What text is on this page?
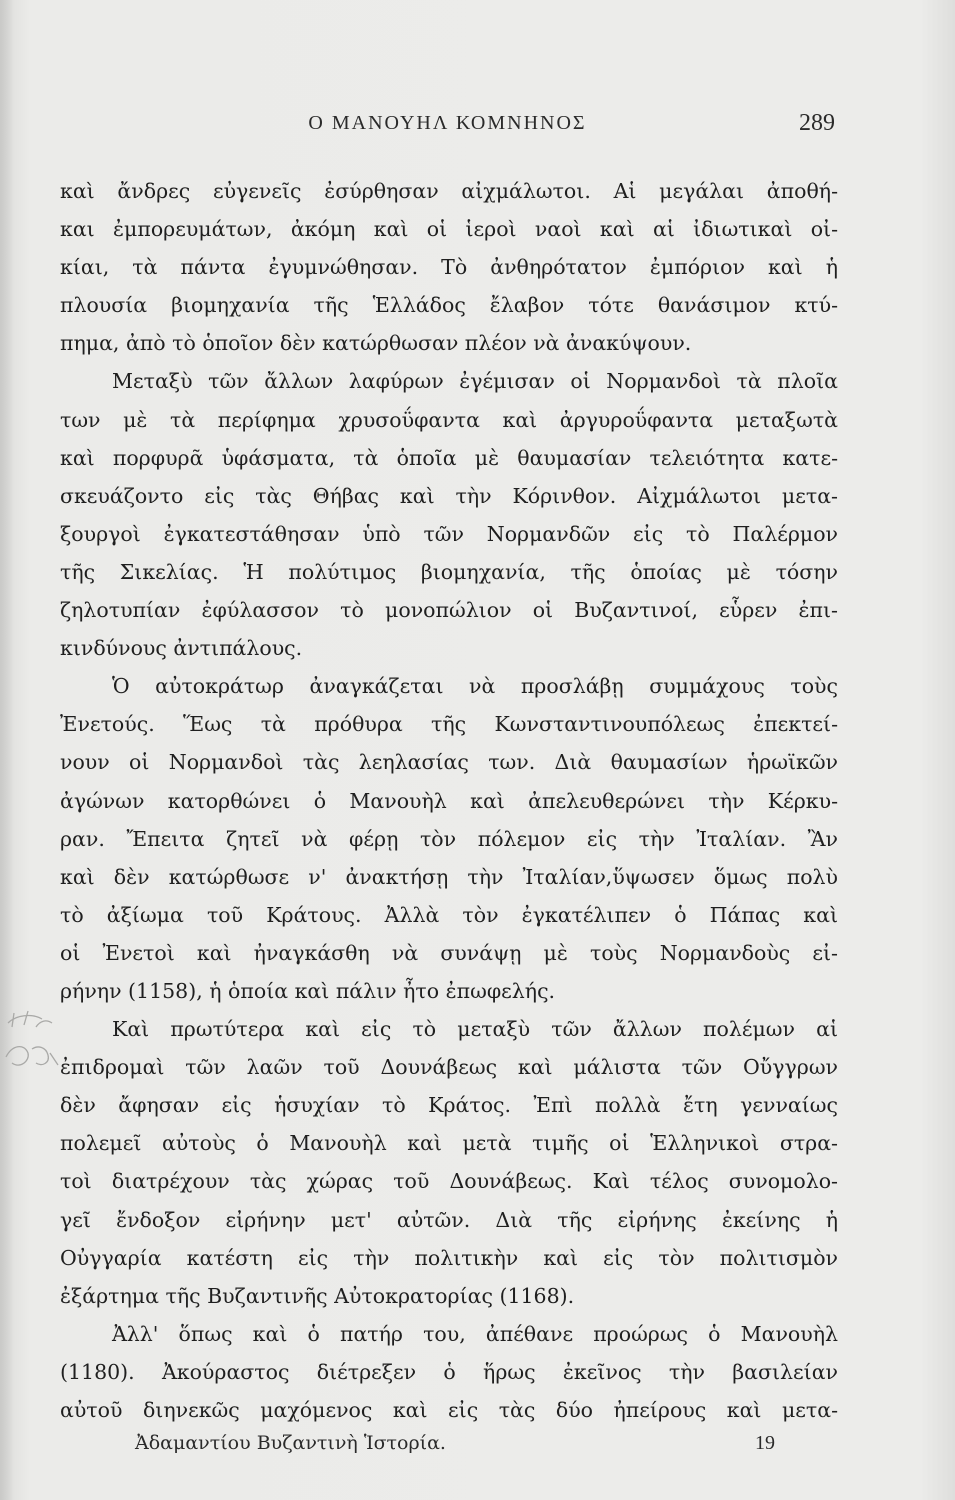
Ο ΜΑΝΟΥΗΛ ΚΟΜΝΗΝΟΣ	289
καὶ ἄνδρες εὐγενεῖς ἐσύρθησαν αἰχμάλωτοι. Αἱ μεγάλαι ἀποθή-
και ἐμπορευμάτων, ἀκόμη καὶ οἱ ἱεροὶ ναοὶ καὶ αἱ ἰδιωτικαὶ οἰ-
κίαι, τὰ πάντα ἐγυμνώθησαν. Τὸ ἀνθηρότατον ἐμπόριον καὶ ἡ
πλουσία βιομηχανία τῆς Ἑλλάδος ἔλαβον τότε θανάσιμον κτύ-
πημα, ἀπὸ τὸ ὁποῖον δὲν κατώρθωσαν πλέον νὰ ἀνακύψουν.
Μεταξὺ τῶν ἄλλων λαφύρων ἐγέμισαν οἱ Νορμανδοὶ τὰ πλοῖα
των μὲ τὰ περίφημα χρυσοΰφαντα καὶ ἀργυροΰφαντα μεταξωτὰ
καὶ πορφυρᾶ ὑφάσματα, τὰ ὁποῖα μὲ θαυμασίαν τελειότητα κατε-
σκευάζοντο εἰς τὰς Θήβας καὶ τὴν Κόρινθον. Αἰχμάλωτοι μετα-
ξουργοὶ ἐγκατεστάθησαν ὑπὸ τῶν Νορμανδῶν εἰς τὸ Παλέρμον
τῆς Σικελίας. Ἡ πολύτιμος βιομηχανία, τῆς ὁποίας μὲ τόσην
ζηλοτυπίαν ἐφύλασσον τὸ μονοπώλιον οἱ Βυζαντινοί, εὗρεν ἐπι-
κινδύνους ἀντιπάλους.
Ὁ αὐτοκράτωρ ἀναγκάζεται νὰ προσλάβῃ συμμάχους τοὺς
Ἐνετούς. Ἕως τὰ πρόθυρα τῆς Κωνσταντινουπόλεως ἐπεκτεί-
νουν οἱ Νορμανδοὶ τὰς λεηλασίας των. Διὰ θαυμασίων ἡρωϊκῶν
ἀγώνων κατορθώνει ὁ Μανουὴλ καὶ ἀπελευθερώνει τὴν Κέρκυ-
ραν. Ἔπειτα ζητεῖ νὰ φέρῃ τὸν πόλεμον εἰς τὴν Ἰταλίαν. Ἂν
καὶ δὲν κατώρθωσε ν' ἀνακτήσῃ τὴν Ἰταλίαν,ὕψωσεν ὅμως πολὺ
τὸ ἀξίωμα τοῦ Κράτους. Ἀλλὰ τὸν ἐγκατέλιπεν ὁ Πάπας καὶ
οἱ Ἐνετοὶ καὶ ἠναγκάσθη νὰ συνάψῃ μὲ τοὺς Νορμανδοὺς εἰ-
ρήνην (1158), ἡ ὁποία καὶ πάλιν ἦτο ἐπωφελής.
Καὶ πρωτύτερα καὶ εἰς τὸ μεταξὺ τῶν ἄλλων πολέμων αἱ
ἐπιδρομαὶ τῶν λαῶν τοῦ Δουνάβεως καὶ μάλιστα τῶν Οὔγγρων
δὲν ἄφησαν εἰς ἡσυχίαν τὸ Κράτος. Ἐπὶ πολλὰ ἔτη γενναίως
πολεμεῖ αὐτοὺς ὁ Μανουὴλ καὶ μετὰ τιμῆς οἱ Ἑλληνικοὶ στρα-
τοὶ διατρέχουν τὰς χώρας τοῦ Δουνάβεως. Καὶ τέλος συνομολο-
γεῖ ἔνδοξον εἰρήνην μετ' αὐτῶν. Διὰ τῆς εἰρήνης ἐκείνης ἡ
Οὐγγαρία κατέστη εἰς τὴν πολιτικὴν καὶ εἰς τὸν πολιτισμὸν
ἐξάρτημα τῆς Βυζαντινῆς Αὐτοκρατορίας (1168).
Ἀλλ' ὅπως καὶ ὁ πατήρ του, ἀπέθανε προώρως ὁ Μανουὴλ
(1180). Ἀκούραστος διέτρεξεν ὁ ἥρως ἐκεῖνος τὴν βασιλείαν
αὐτοῦ διηνεκῶς μαχόμενος καὶ εἰς τὰς δύο ἠπείρους καὶ μετα-
Ἀδαμαντίου Βυζαντινὴ Ἱστορία.	19
